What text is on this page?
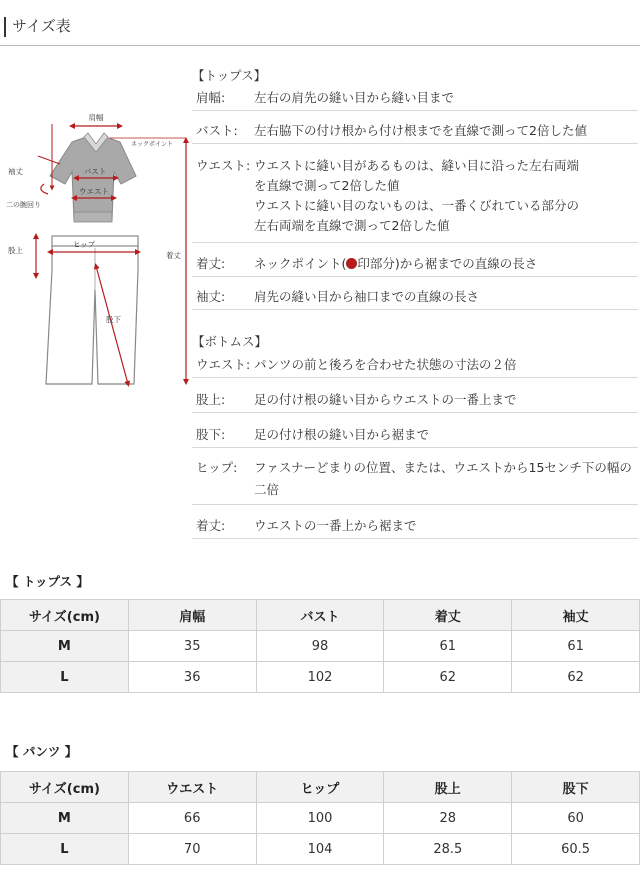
サイズ表
肩幅
ネックポイント
袖丈	バスト
ウエスト
二の腕回り
股上
ヒップ
着丈
股下
【トップス】
肩幅: 左右の肩先の縫い目から縫い目まで
バスト: 左右脇下の付け根から付け根までを直線で測って2倍した値
ウエスト: ウエストに縫い目があるものは、縫い目に沿った左右両端
を直線で測って2倍した値
ウエストに縫い目のないものは、一番くびれている部分の
左右両端を直線で測って2倍した値
着丈: ネックポイント( 印部分)から裾までの直線の長さ
袖丈: 肩先の縫い目から袖口までの直線の長さ
【ボトムス】
ウエスト: パンツの前と後ろを合わせた状態の寸法の２倍
股上: 足の付け根の縫い目からウエストの一番上まで
股下: 足の付け根の縫い目から裾まで
ヒップ: ファスナーどまりの位置、または、ウエストから15センチ下の幅の
二倍
着丈: ウエストの一番上から裾まで
【 トップス 】
サイズ(cm)	肩幅	バスト	着丈	袖丈
M	35	98	61	61
L	36	102	62	62
【 パンツ 】
サイズ(cm)	ウエスト	ヒップ	股上	股下
M	66	100	28	60
L	70	104	28.5	60.5
